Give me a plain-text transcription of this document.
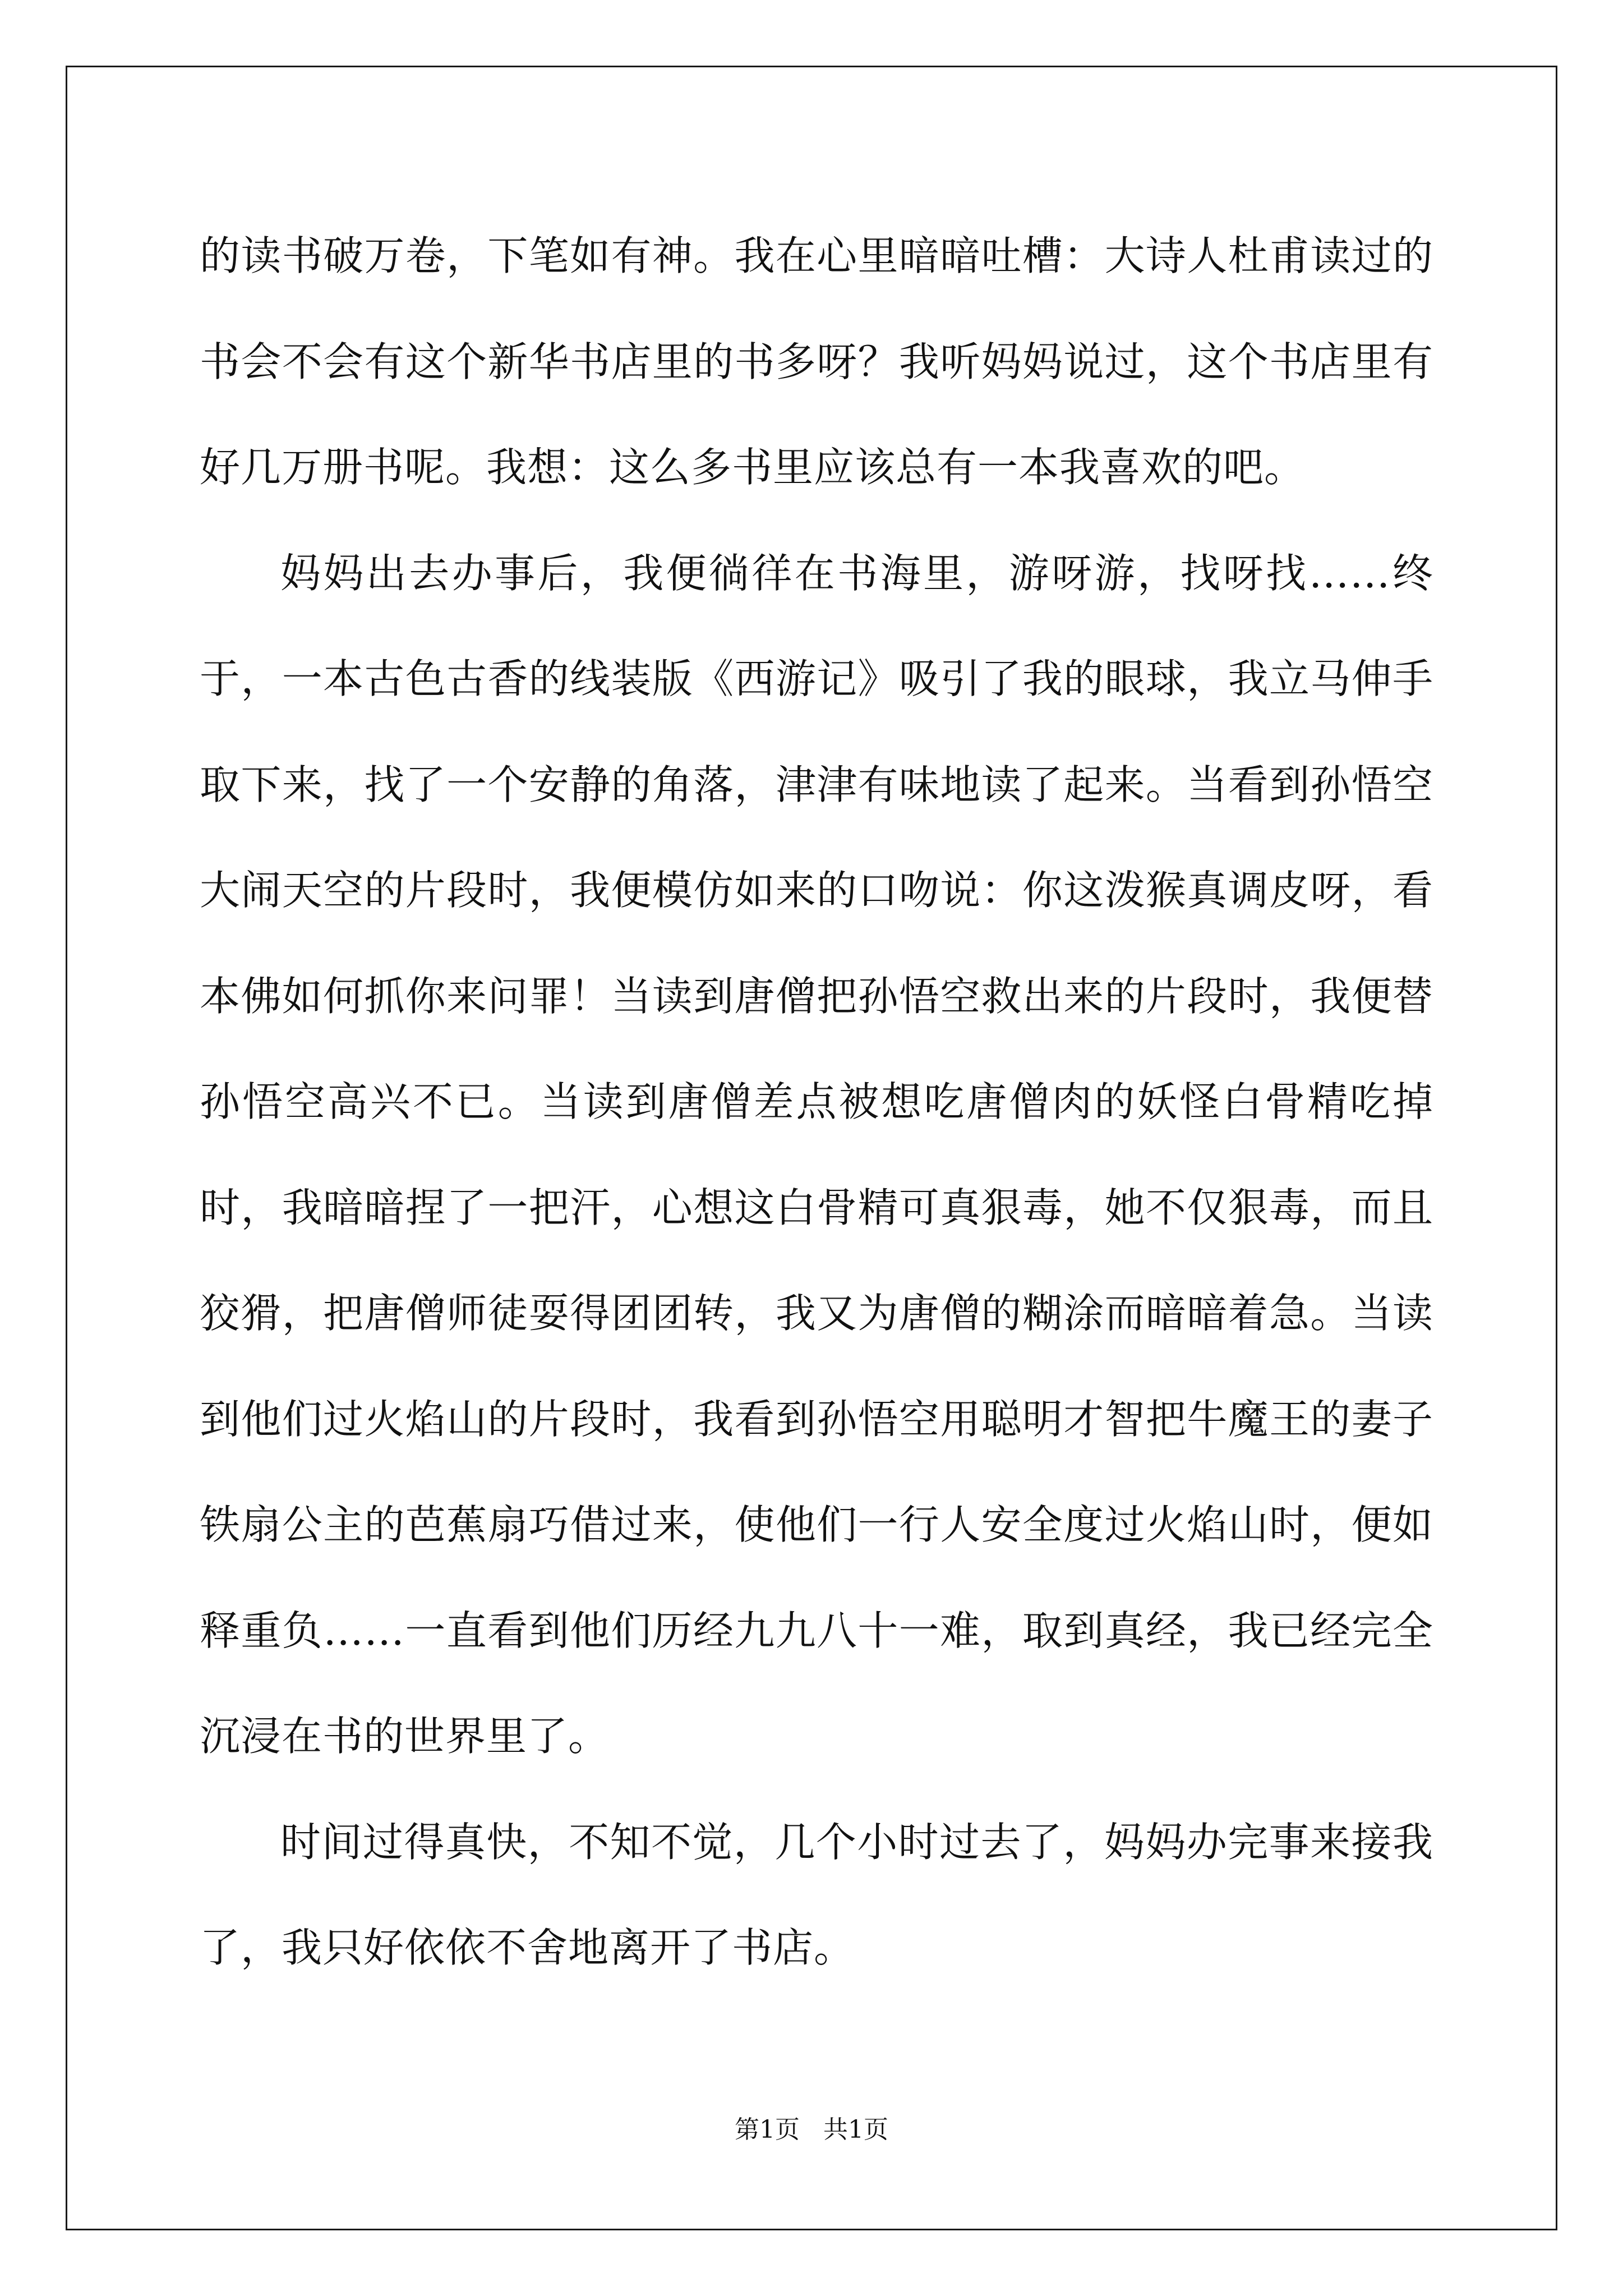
的读书破万卷，下笔如有神。我在心里暗暗吐槽：大诗人杜甫读过的书会不会有这个新华书店里的书多呀？我听妈妈说过，这个书店里有好几万册书呢。我想：这么多书里应该总有一本我喜欢的吧。

妈妈出去办事后，我便徜徉在书海里，游呀游，找呀找……终于，一本古色古香的线装版《西游记》吸引了我的眼球，我立马伸手取下来，找了一个安静的角落，津津有味地读了起来。当看到孙悟空大闹天空的片段时，我便模仿如来的口吻说：你这泼猴真调皮呀，看本佛如何抓你来问罪！当读到唐僧把孙悟空救出来的片段时，我便替孙悟空高兴不已。当读到唐僧差点被想吃唐僧肉的妖怪白骨精吃掉时，我暗暗捏了一把汗，心想这白骨精可真狠毒，她不仅狠毒，而且狡猾，把唐僧师徒耍得团团转，我又为唐僧的糊涂而暗暗着急。当读到他们过火焰山的片段时，我看到孙悟空用聪明才智把牛魔王的妻子铁扇公主的芭蕉扇巧借过来，使他们一行人安全度过火焰山时，便如释重负……一直看到他们历经九九八十一难，取到真经，我已经完全沉浸在书的世界里了。

时间过得真快，不知不觉，几个小时过去了，妈妈办完事来接我了，我只好依依不舍地离开了书店。

第1页 共1页
